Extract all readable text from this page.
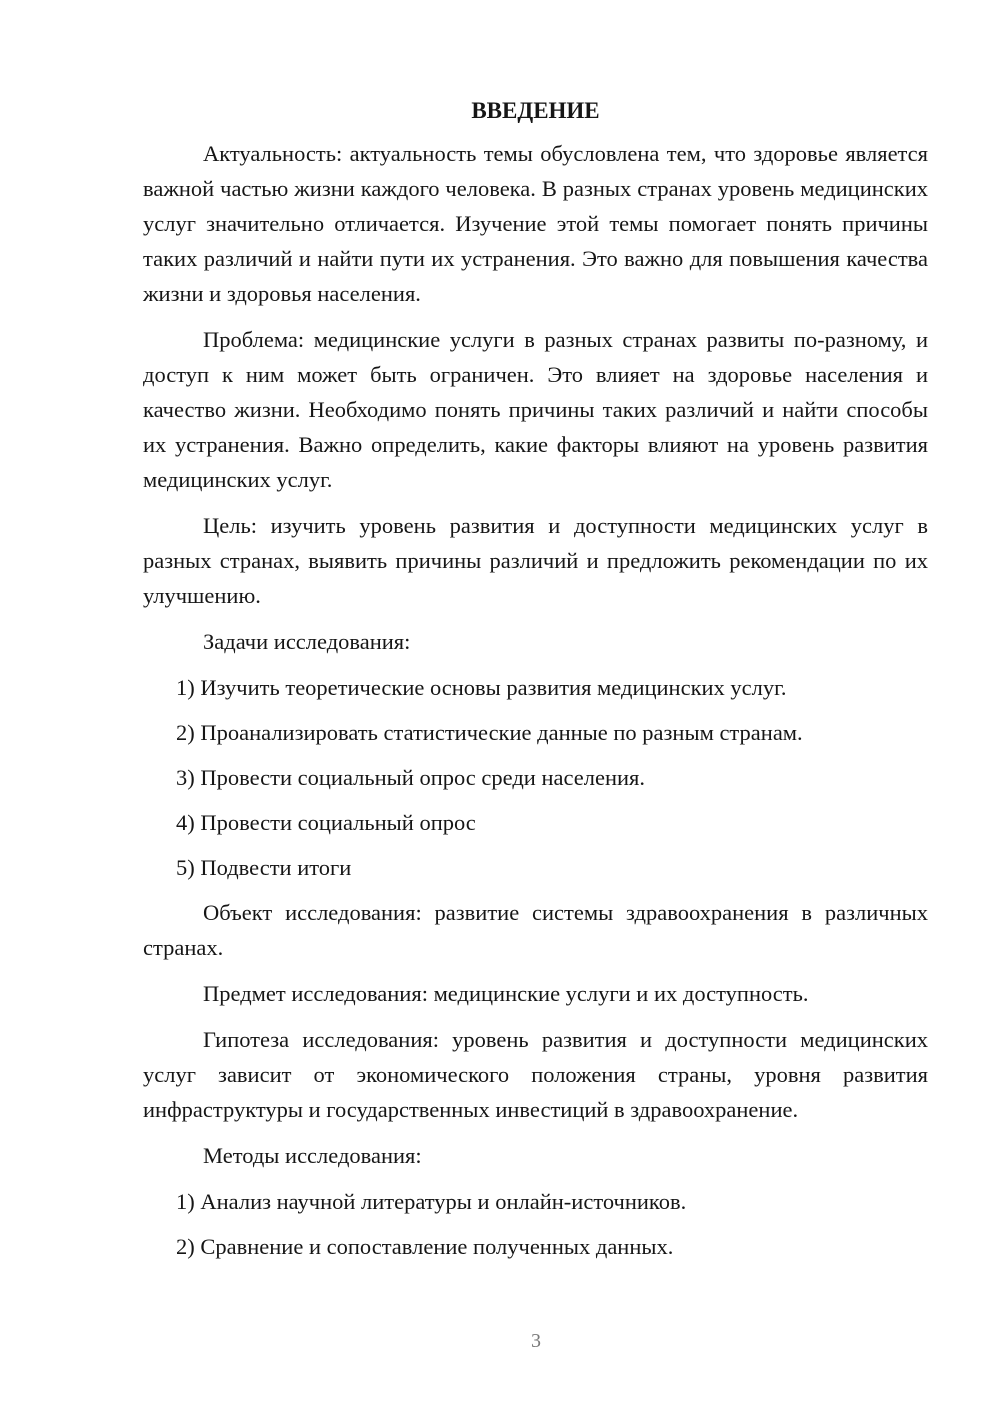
ВВЕДЕНИЕ

Актуальность: актуальность темы обусловлена тем, что здоровье является важной частью жизни каждого человека. В разных странах уровень медицинских услуг значительно отличается. Изучение этой темы помогает понять причины таких различий и найти пути их устранения. Это важно для повышения качества жизни и здоровья населения.

Проблема: медицинские услуги в разных странах развиты по-разному, и доступ к ним может быть ограничен. Это влияет на здоровье населения и качество жизни. Необходимо понять причины таких различий и найти способы их устранения. Важно определить, какие факторы влияют на уровень развития медицинских услуг.

Цель: изучить уровень развития и доступности медицинских услуг в разных странах, выявить причины различий и предложить рекомендации по их улучшению.

Задачи исследования:

1) Изучить теоретические основы развития медицинских услуг.
2) Проанализировать статистические данные по разным странам.
3) Провести социальный опрос среди населения.
4) Провести социальный опрос
5) Подвести итоги

Объект исследования: развитие системы здравоохранения в различных странах.

Предмет исследования: медицинские услуги и их доступность.

Гипотеза исследования: уровень развития и доступности медицинских услуг зависит от экономического положения страны, уровня развития инфраструктуры и государственных инвестиций в здравоохранение.

Методы исследования:

1) Анализ научной литературы и онлайн-источников.
2) Сравнение и сопоставление полученных данных.
3
